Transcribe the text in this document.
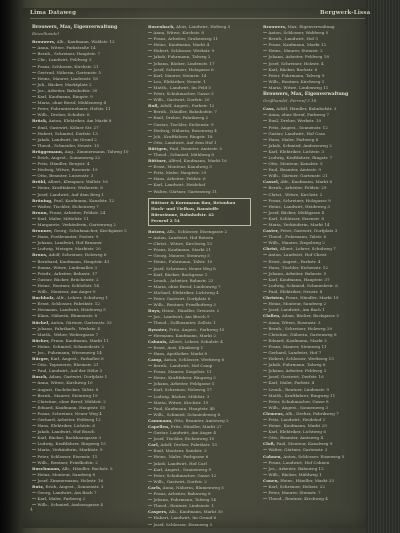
Lima Dataweg	Bergwerk-Lissa
Brouwers, Max, Eigenverwaltung
Einzelhandel
Brouwers, Alb., Kaufmann, Waldstr. 12
— Anna, Witwe, Parkstraße 14
— Bernh., Schreiner, Hauptstr. 7
— Chr., Landwirt, Feldweg 3
— Franz, Schlosser, Kirchstr. 21
— Gertrud, Näherin, Gartenstr. 5
— Heinr., Maurer, Lindenstr. 18
— Joh., Bäcker, Marktplatz 2
— Jos., Arbeiter, Bahnhofstr. 30
— Karl, Kaufmann, Ringstr. 9
— Maria, ohne Beruf, Mühlenweg 4
— Peter, Fuhrunternehmer, Hofstr. 11
— Wilh., Dreher, Schulstr. 6
Brück, Anton, Elektriker, Am Markt 8
— Emil, Gastwirt, Kölner Str. 27
— Hubert, Schmied, Dorfstr. 13
— Jakob, Landwirt, Im Grund 2
— Theod., Schneider, Neustr. 15
Brüggemann, Aug., Zimmermann, Talweg 10
— Erich, Angest., Sonnenweg 22
— Fritz, Händler, Bergstr. 4
— Hedwig, Witwe, Rosenstr. 19
— Otto, Beamter, Luisenstr. 3
Brühl, Albert, Klempner, Wallstr. 16
— Heinz, Kraftfahrer, Weiherstr. 8
— Josef, Landwirt, Auf dem Berg 1
Brüning, Paul, Kaufmann, Kanalstr. 12
— Walter, Tischler, Eichenweg 7
Brunn, Franz, Arbeiter, Feldstr. 24
— Karl, Maler, Mittelstr. 11
— Margarete, Verkäuferin, Gartenweg 2
Brunner, Georg, Schuhmacher, Kirchgasse 5
— Hans, Postbeamter, Poststr. 9
— Johann, Landwirt, Hof Brunner
— Ludwig, Metzger, Marktstr. 20
Bruns, Adolf, Schreiner, Holzweg 6
— Bernhard, Kaufmann, Hauptstr. 41
— Emma, Witwe, Lindenallee 3
— Friedr., Arbeiter, Bahnstr. 17
— Gustav, Bäcker, Brückenstr. 2
— Heinr., Rentner, Schloßstr. 14
— Wilh., Monteur, Am Anger 9
Buchholz, Alfr., Lehrer, Schulweg 1
— Ernst, Schlosser, Fabrikstr. 12
— Hermann, Landwirt, Heideweg 5
— Klara, Näherin, Blumenstr. 8
Büchel, Anton, Gärtner, Gartenstr. 33
— Johann, Fabrikarb., Werkstr. 4
— Matth., Weber, Webergasse 7
Bücker, Franz, Kaufmann, Markt 11
— Heinr., Schmied, Schmiedestr. 2
— Jos., Fuhrmann, Wiesenweg 14
Bürger, Karl, Angest., Parkallee 6
— Otto, Tapezierer, Rheinstr. 21
— Paul, Landwirt, Auf der Höhe 3
Busch, Adam, Gastwirt, Dorfplatz 1
— Anna, Witwe, Kirchweg 10
— August, Dachdecker, Talstr. 8
— Bernh., Maurer, Steinweg 19
— Christine, ohne Beruf, Mühlstr. 2
— Eduard, Kaufmann, Hauptstr. 55
— Franz, Schreiner, Neuer Weg 4
— Gerhard, Arbeiter, Feldweg 12
— Hans, Elektriker, Lichtstr. 6
— Jakob, Landwirt, Hof Busch
— Karl, Bäcker, Backhausgasse 3
— Ludwig, Kraftfahrer, Ringweg 15
— Maria, Verkäuferin, Marktstr. 9
— Peter, Schlosser, Eisenstr. 11
— Wilh., Rentner, Friedhofstr. 2
Buschmann, Alb., Händler, Bachstr. 5
— Heinz, Monteur, Sandweg 8
— Josef, Zimmermann, Holzstr. 16
Butz, Erich, Angest., Sonnenstr. 3
— Georg, Landwirt, Am Bach 7
— Karl, Maler, Farbweg 2
— Wilh., Schmied, Ambossgasse 4
Busenbach, Alois, Landwirt, Hofweg 3
— Anna, Witwe, Kirchstr. 8
— Franz, Arbeiter, Grubenweg 11
— Heinr., Kaufmann, Markt 4
— Hubert, Schlosser, Werkstr. 9
— Jakob, Fuhrmann, Talweg 2
— Johann, Bäcker, Lindenstr. 17
— Josef, Schreiner, Holzgasse 6
— Karl, Maurer, Steinstr. 14
— Leo, Elektriker, Neustr. 1
— Matth., Landwirt, Im Feld 5
— Peter, Schuhmacher, Gasse 3
— Wilh., Gastwirt, Dorfstr. 20
Buß, Adolf, Angest., Parkstr. 12
— Bernh., Händler, Bahnhofstr. 7
— Emil, Dreher, Fabrikweg 2
— Gustav, Tischler, Eichenstr. 9
— Hedwig, Näherin, Rosenweg 4
— Joh., Kraftfahrer, Ringstr. 18
— Otto, Landwirt, Auf dem Hof 1
Büttgen, Paul, Beamter, Amtsstr. 5
— Theod., Schmied, Mühlweg 8
Büttner, Alfred, Kaufmann, Markt 16
— Ernst, Monteur, Kanalweg 3
— Fritz, Maler, Hauptstr. 29
— Hans, Arbeiter, Feldstr. 6
— Karl, Landwirt, Heidehof
— Walter, Gärtner, Gartenweg 11
Büttner & Kornmann Bau, Betonbau
Hoch- und Tiefbau, Baustoffe
Büroräume, Bahnhofstr. 42
Fernruf 2 54
Butzen, Alb., Schlosser, Eisengasse 2
— Anton, Landwirt, Hof Butzen
— Christ., Witwe, Kirchweg 13
— Franz, Kaufmann, Markt 21
— Georg, Maurer, Steinweg 5
— Heinr., Fuhrmann, Talstr. 10
— Josef, Schreiner, Neuer Weg 8
— Karl, Bäcker, Backgasse 1
— Leonh., Arbeiter, Bahnstr. 22
— Maria, ohne Beruf, Lindenweg 7
— Michael, Elektriker, Lichtweg 4
— Peter, Gastwirt, Dorfplatz 6
— Wilh., Rentner, Friedhofweg 3
Buyx, Heinr., Händler, Grenzstr. 2
— Jos., Landwirt, Am Bruch 9
— Theod., Zollbeamter, Zollstr. 1
Bywater, Fritz, Angest., Parkweg 15
— Hermann, Kaufmann, Markt 2
Cabanis, Albert, Lehrer, Schulstr. 4
— Ernst, Arzt, Klinikweg 1
— Hans, Apotheker, Markt 8
Camp, Anton, Schlosser, Werkweg 6
— Bernh., Landwirt, Hof Camp
— Franz, Maurer, Ziegelstr. 11
— Heinz, Kraftfahrer, Ringweg 2
— Johann, Arbeiter, Feldgasse 5
— Karl, Schreiner, Holzweg 17
— Ludwig, Bäcker, Mühlstr. 3
— Maria, Witwe, Kirchstr. 19
— Paul, Kaufmann, Hauptstr. 48
— Wilh., Schmied, Schmiedeweg 8
Cammann, Otto, Beamter, Amtsweg 2
Capellen, Fritz, Händler, Markt 27
— Gustav, Landwirt, Am Anger 4
— Josef, Tischler, Eichenweg 10
Carl, Adolf, Dreher, Fabrikstr. 15
— Emil, Monteur, Sandstr. 3
— Heinr., Maler, Farbgasse 6
— Jakob, Landwirt, Hof Carl
— Karl, Angest., Sonnenweg 9
— Peter, Schuhmacher, Gasse 12
— Wilh., Gastwirt, Dorfstr. 2
Carls, Anna, Näherin, Blumenweg 5
— Franz, Arbeiter, Bahnweg 8
— Johann, Fuhrmann, Talweg 14
— Theod., Rentner, Lindenstr. 1
Caspers, Alb., Kaufmann, Markt 30
— Hubert, Landwirt, Im Grund 6
— Josef, Schlosser, Eisenweg 3
Brouwers, Max, Eigenverwaltung
— Anton, Schlosser, Waldweg 5
— Bernh., Landwirt, Hof 3
— Franz, Kaufmann, Markt 12
— Heinr., Maurer, Steinstr. 2
— Johann, Arbeiter, Feldweg 18
— Josef, Schreiner, Holzstr. 4
— Karl, Bäcker, Backstr. 6
— Peter, Fuhrmann, Talweg 9
— Wilh., Rentner, Kirchweg 1
— Maria, Witwe, Lindenweg 11
Brouwers, Max, Eigenverwaltung
Großhandel, Fernruf 3 18
Cass, Adolf, Händler, Bahnhofstr. 3
— Anna, ohne Beruf, Parkweg 7
— Emil, Dreher, Werkstr. 10
— Fritz, Angest., Sonnenstr. 12
— Gustav, Landwirt, Hof Cass
— Hans, Maler, Farbweg 8
— Jakob, Schmied, Ambossweg 2
— Karl, Elektriker, Lichtstr. 3
— Ludwig, Kraftfahrer, Ringstr. 7
— Otto, Monteur, Kanalstr. 5
— Paul, Beamter, Amtsstr. 9
— Wilh., Gärtner, Gartenstr. 21
Cassel, Alfr., Kaufmann, Markt 6
— Bernh., Arbeiter, Feldstr. 29
— Christ., Witwe, Kirchstr. 2
— Franz, Schreiner, Holzgasse 9
— Heinr., Landwirt, Heideweg 3
— Josef, Bäcker, Mühlgasse 4
— Karl, Schlosser, Eisenstr. 8
— Maria, Verkäuferin, Markt 14
Caster, Peter, Gastwirt, Dorfplatz 3
— Theod., Fuhrmann, Talstr. 6
— Wilh., Maurer, Ziegelweg 2
Christ, Albert, Lehrer, Schulweg 7
— Anton, Landwirt, Hof Christ
— Ernst, Angest., Parkstr. 4
— Hans, Tischler, Eichenstr. 12
— Johann, Arbeiter, Bahnstr. 5
— Karl, Kaufmann, Hauptstr. 37
— Ludwig, Schmied, Schmiedestr. 6
— Paul, Elektriker, Neustr. 8
Christen, Franz, Händler, Markt 19
— Heinz, Monteur, Sandweg 2
— Josef, Landwirt, Am Bach 1
Claßen, Adam, Bäcker, Backgasse 5
— Anna, Witwe, Rosenstr. 3
— Bernh., Schreiner, Holzweg 20
— Christine, Näherin, Gartenweg 8
— Eduard, Kaufmann, Markt 3
— Franz, Maurer, Steinweg 11
— Gerhard, Landwirt, Hof 7
— Hubert, Schlosser, Werkweg 13
— Jakob, Fuhrmann, Talweg 6
— Johann, Arbeiter, Feldweg 2
— Josef, Gastwirt, Dorfstr. 16
— Karl, Maler, Farbstr. 4
— Leonh., Rentner, Lindenstr. 9
— Matth., Kraftfahrer, Ringweg 11
— Peter, Schuhmacher, Gasse 8
— Wilh., Angest., Sonnenweg 3
Clemens, Alb., Dreher, Fabrikweg 7
— Fritz, Landwirt, Heidehof 2
— Heinr., Kaufmann, Markt 25
— Karl, Elektriker, Lichtweg 6
— Otto, Beamter, Amtsweg 4
Cloß, Paul, Monteur, Kanalweg 9
— Walter, Gärtner, Gartenstr. 2
Cohnen, Anton, Schlosser, Eisenweg 5
— Franz, Landwirt, Hof Cohnen
— Jos., Arbeiter, Bahnweg 12
— Wilh., Bäcker, Mühlweg 1
Conen, Heinr., Händler, Markt 33
— Karl, Schreiner, Holzstr. 22
— Peter, Maurer, Steinstr. 7
— Theod., Rentner, Kirchweg 4
4
